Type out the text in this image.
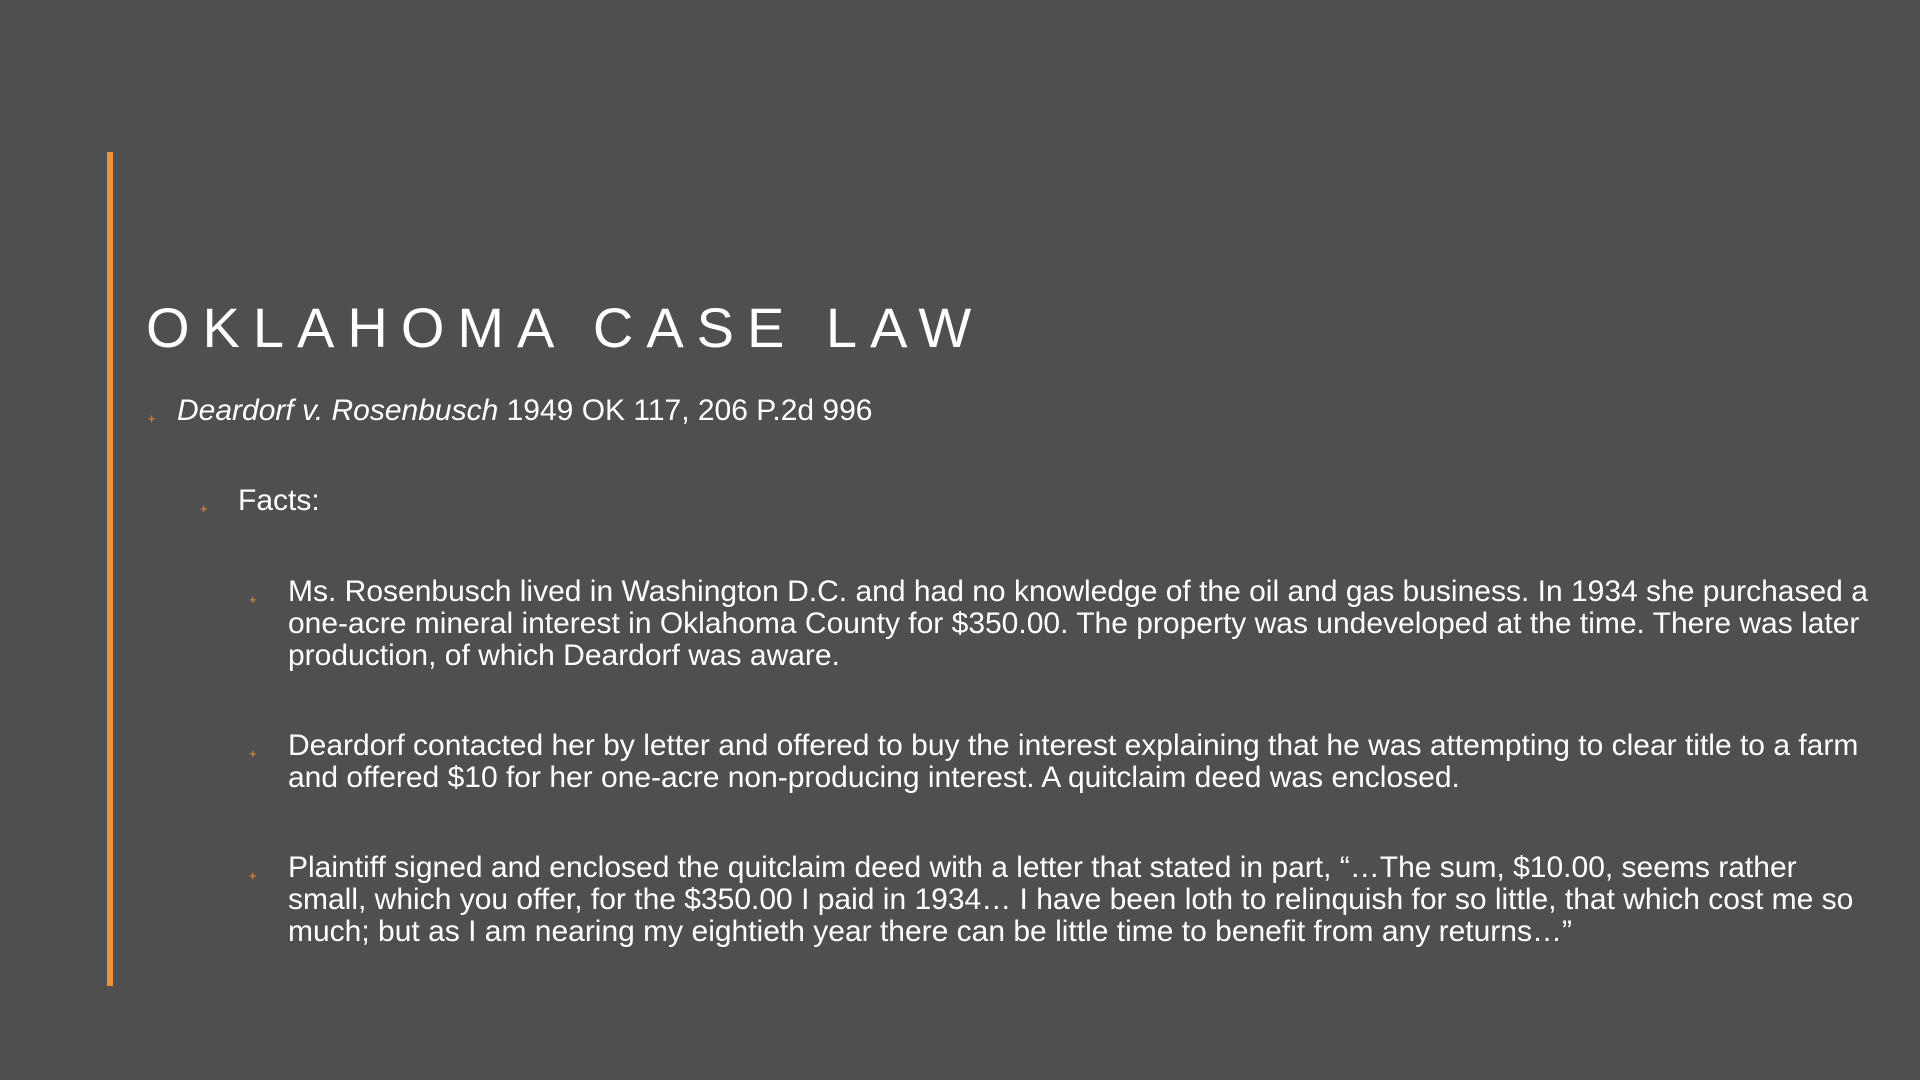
OKLAHOMA CASE LAW
+ Deardorf v. Rosenbusch 1949 OK 117, 206 P.2d 996

+ Facts:

+ Ms. Rosenbusch lived in Washington D.C. and had no knowledge of the oil and gas business. In 1934 she purchased a one-acre mineral interest in Oklahoma County for $350.00. The property was undeveloped at the time. There was later production, of which Deardorf was aware.

+ Deardorf contacted her by letter and offered to buy the interest explaining that he was attempting to clear title to a farm and offered $10 for her one-acre non-producing interest. A quitclaim deed was enclosed.

+ Plaintiff signed and enclosed the quitclaim deed with a letter that stated in part, “…The sum, $10.00, seems rather small, which you offer, for the $350.00 I paid in 1934… I have been loth to relinquish for so little, that which cost me so much; but as I am nearing my eightieth year there can be little time to benefit from any returns…”
